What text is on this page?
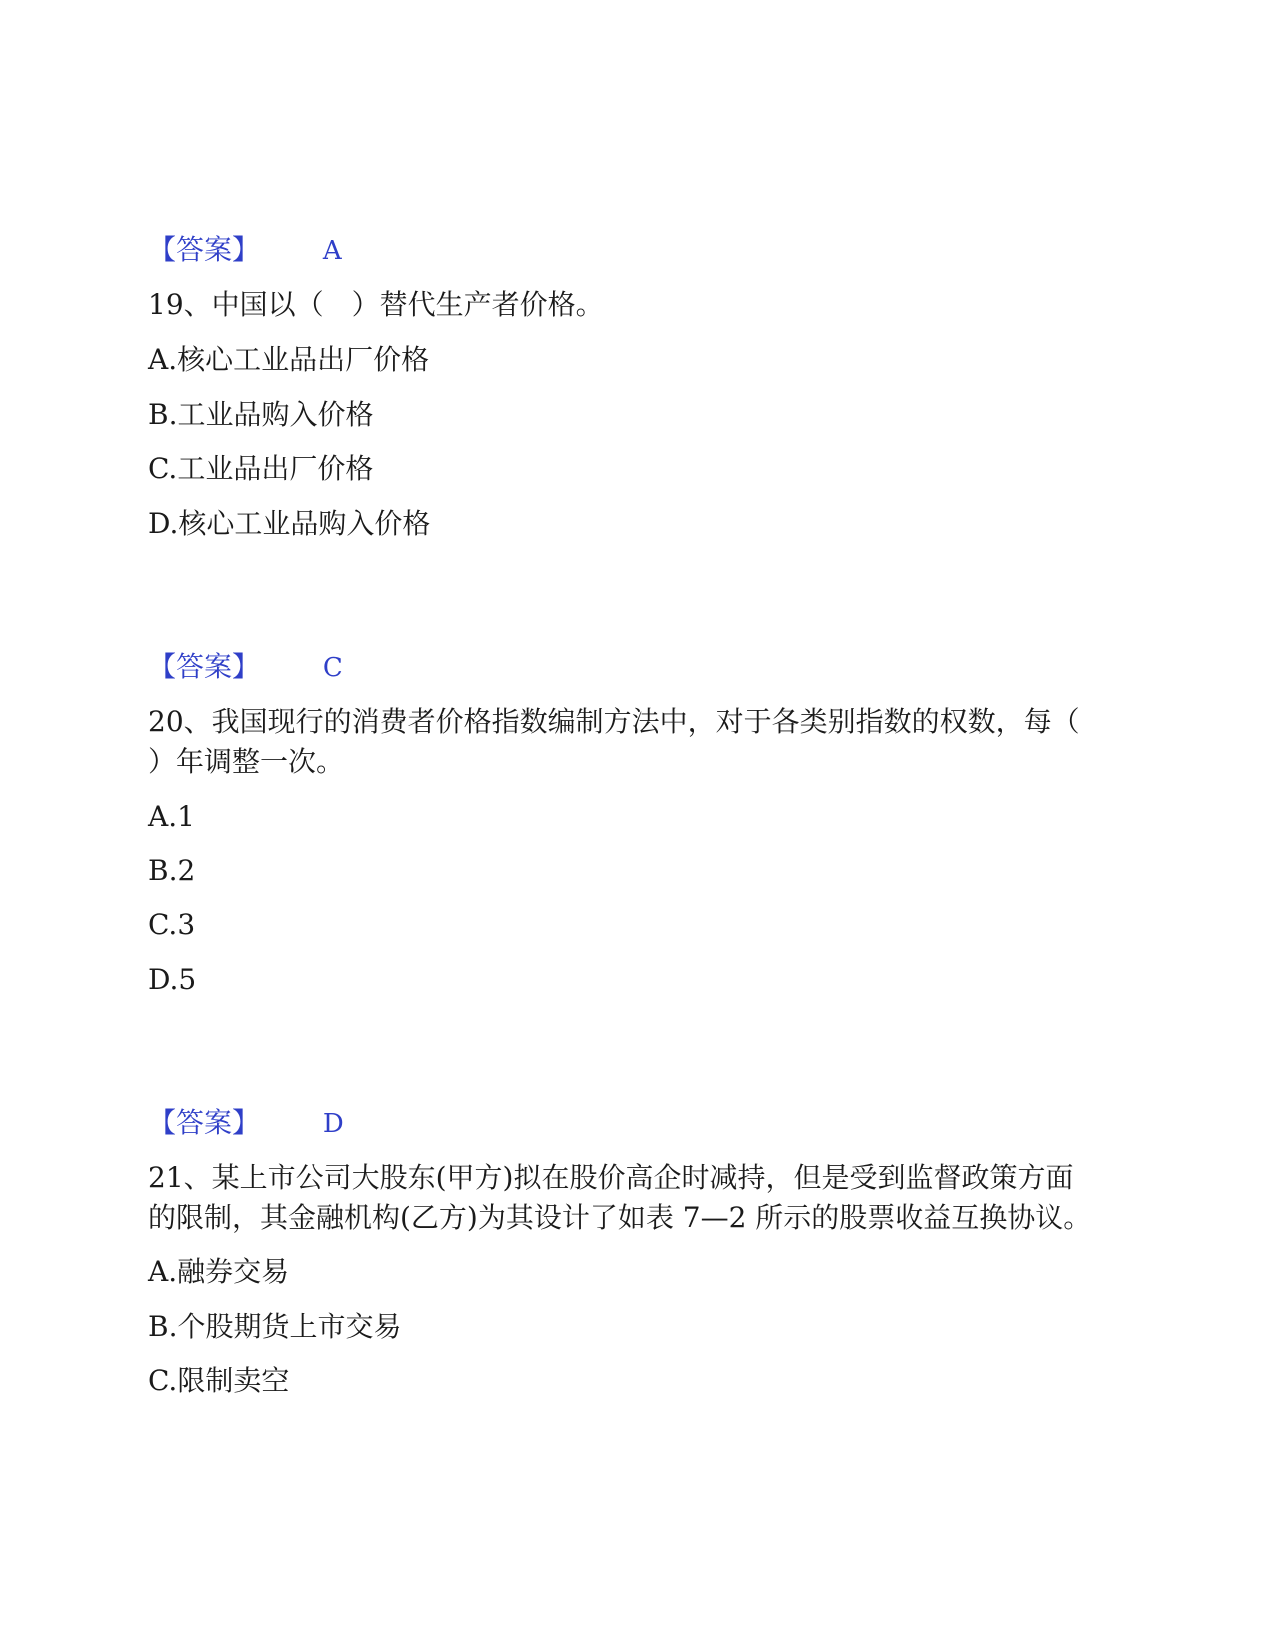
【答案】 A
19、中国以（　）替代生产者价格。
A.核心工业品出厂价格
B.工业品购入价格
C.工业品出厂价格
D.核心工业品购入价格
【答案】 C
20、我国现行的消费者价格指数编制方法中，对于各类别指数的权数，每（
）年调整一次。
A.1
B.2
C.3
D.5
【答案】 D
21、某上市公司大股东(甲方)拟在股价高企时减持，但是受到监督政策方面
的限制，其金融机构(乙方)为其设计了如表 7—2 所示的股票收益互换协议。
A.融券交易
B.个股期货上市交易
C.限制卖空
